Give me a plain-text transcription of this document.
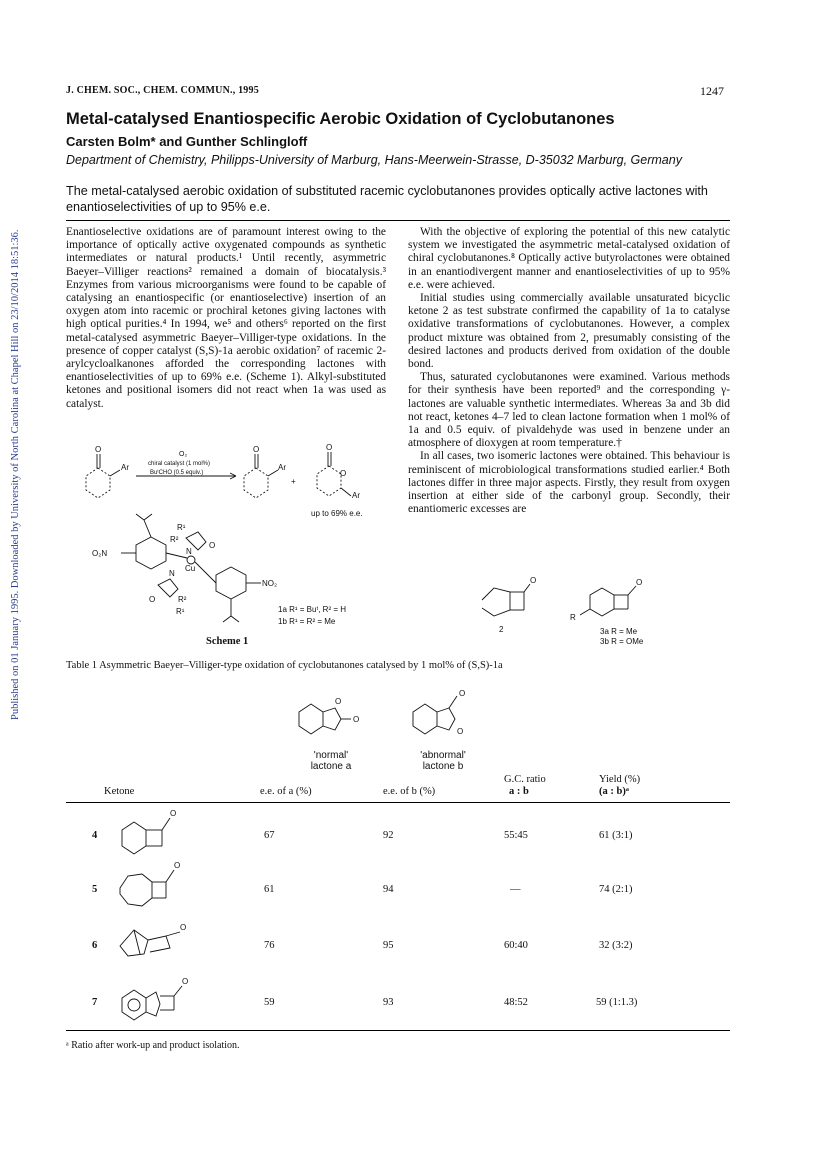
Published on 01 January 1995. Downloaded by University of North Carolina at Chapel Hill on 23/10/2014 18:51:36.
J. CHEM. SOC., CHEM. COMMUN., 1995	1247
Metal-catalysed Enantiospecific Aerobic Oxidation of Cyclobutanones
Carsten Bolm* and Gunther Schlingloff
Department of Chemistry, Philipps-University of Marburg, Hans-Meerwein-Strasse, D-35032 Marburg, Germany
The metal-catalysed aerobic oxidation of substituted racemic cyclobutanones provides optically active lactones with enantioselectivities of up to 95% e.e.

Enantioselective oxidations are of paramount interest owing to the importance of optically active oxygenated compounds as synthetic intermediates or natural products.¹ Until recently, asymmetric Baeyer–Villiger reactions² remained a domain of biocatalysis.³ Enzymes from various microorganisms were found to be capable of catalysing an enantiospecific (or enantioselective) insertion of an oxygen atom into racemic or prochiral ketones giving lactones with high optical purities.⁴ In 1994, we⁵ and others⁶ reported on the first metal-catalysed asymmetric Baeyer–Villiger-type oxidations. In the presence of copper catalyst (S,S)-1a aerobic oxidation⁷ of racemic 2-arylcycloalkanones afforded the corresponding lactones with enantioselectivities of up to 69% e.e. (Scheme 1). Alkyl-substituted ketones and positional isomers did not react when 1a was used as catalyst.

With the objective of exploring the potential of this new catalytic system we investigated the asymmetric metal-catalysed oxidation of chiral cyclobutanones.⁸ Optically active butyrolactones were obtained in an enantiodivergent manner and enantioselectivities of up to 95% e.e. were achieved.

Initial studies using commercially available unsaturated bicyclic ketone 2 as test substrate confirmed the capability of 1a to catalyse oxidative transformations of cyclobutanones. However, a complex product mixture was obtained from 2, presumably consisting of the desired lactones and products derived from oxidation of the double bond.

Thus, saturated cyclobutanones were examined. Various methods for their synthesis have been reported⁹ and the corresponding γ-lactones are valuable synthetic intermediates. Whereas 3a and 3b did not react, ketones 4–7 led to clean lactone formation when 1 mol% of 1a and 0.5 equiv. of pivaldehyde was used in benzene under an atmosphere of dioxygen at room temperature.†

In all cases, two isomeric lactones were obtained. This behaviour is reminiscent of microbiological transformations studied earlier.⁴ Both lactones differ in three major aspects. Firstly, they result from oxygen insertion at either side of the carbonyl group. Secondly, their enantiomeric excesses are

O
Ar
O₂
chiral catalyst (1 mol%)
BuᵗCHO (0.5 equiv.)
O
Ar
+
O
O
Ar
up to 69% e.e.
R¹
R²
N
O
Cu
N
O	R²
R¹
O₂N
NO₂
1a R¹ = Buᵗ, R² = H
1b R¹ = R² = Me
Scheme 1
O
2
O
R
3a R = Me
3b R = OMe
Table 1 Asymmetric Baeyer–Villiger-type oxidation of cyclobutanones catalysed by 1 mol% of (S,S)-1a
O
O
O
O
'normal'
lactone a
'abnormal'
lactone b
Ketone	e.e. of a (%)	e.e. of b (%)
G.C. ratio
a : b
Yield (%)
(a : b)ᵃ
O
O
O
O
4	67	92	55:45	61 (3:1)
5	61	94	—	74 (2:1)
6	76	95	60:40	32 (3:2)
7	59	93	48:52	59 (1:1.3)
ᵃ Ratio after work-up and product isolation.
